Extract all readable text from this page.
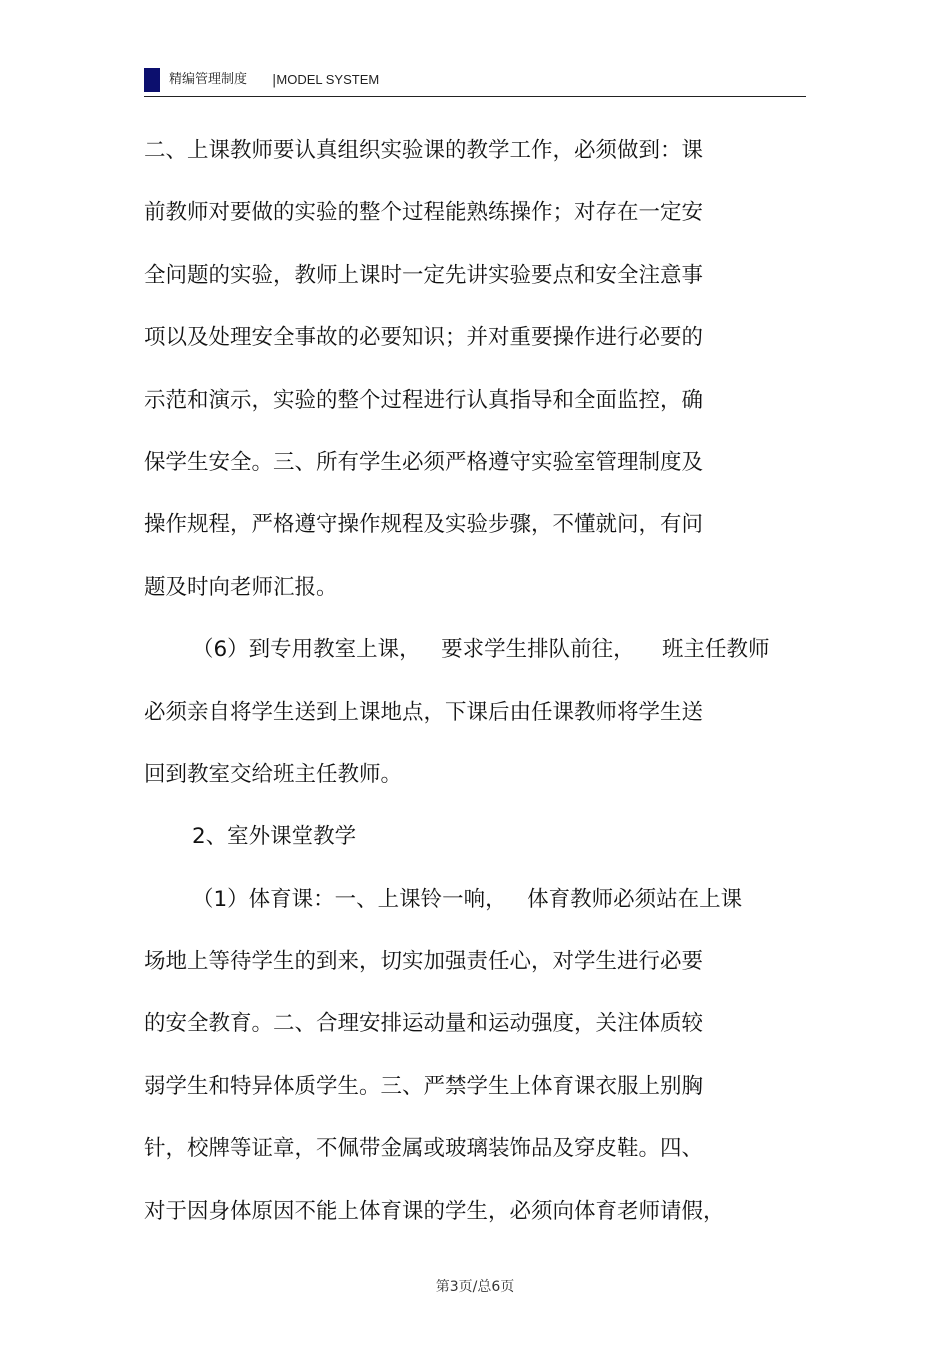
精编管理制度 |MODEL SYSTEM
二、上课教师要认真组织实验课的教学工作，必须做到：课
前教师对要做的实验的整个过程能熟练操作；对存在一定安
全问题的实验，教师上课时一定先讲实验要点和安全注意事
项以及处理安全事故的必要知识；并对重要操作进行必要的
示范和演示，实验的整个过程进行认真指导和全面监控，确
保学生安全。三、所有学生必须严格遵守实验室管理制度及
操作规程，严格遵守操作规程及实验步骤，不懂就问，有问
题及时向老师汇报。
（6）到专用教室上课，   要求学生排队前往，    班主任教师
必须亲自将学生送到上课地点，下课后由任课教师将学生送
回到教室交给班主任教师。
2、室外课堂教学
（1）体育课：一、上课铃一响，   体育教师必须站在上课
场地上等待学生的到来，切实加强责任心，对学生进行必要
的安全教育。二、合理安排运动量和运动强度，关注体质较
弱学生和特异体质学生。三、严禁学生上体育课衣服上别胸
针，校牌等证章，不佩带金属或玻璃装饰品及穿皮鞋。四、
对于因身体原因不能上体育课的学生，必须向体育老师请假，
第3页/总6页
